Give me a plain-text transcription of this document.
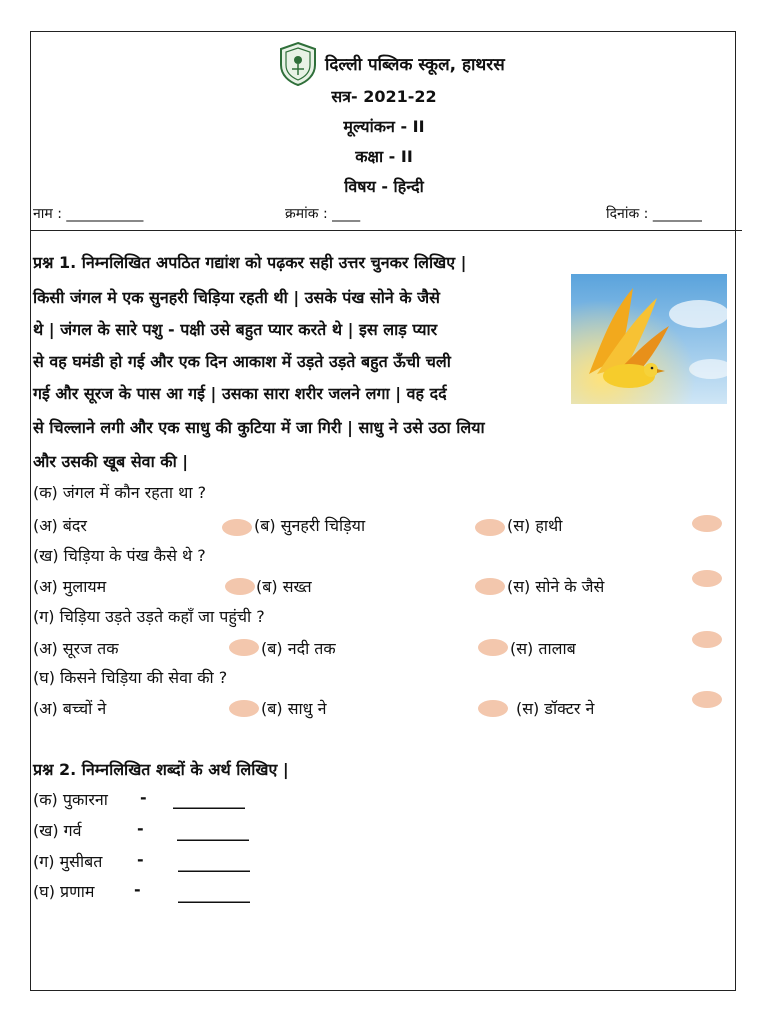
दिल्ली पब्लिक स्कूल, हाथरस
सत्र- 2021-22
मूल्यांकन - II
कक्षा - II
विषय - हिन्दी
नाम : ___________	क्रमांक : ____	दिनांक : _______
प्रश्न 1. निम्नलिखित अपठित गद्यांश को पढ़कर सही उत्तर चुनकर लिखिए |
किसी जंगल मे एक सुनहरी चिड़िया रहती थी | उसके पंख सोने के जैसे
थे | जंगल के सारे पशु - पक्षी उसे बहुत प्यार करते थे | इस लाड़ प्यार
से वह घमंडी हो गई और एक दिन आकाश में उड़ते उड़ते बहुत ऊँची चली
गई और सूरज के पास आ गई | उसका सारा शरीर जलने लगा | वह दर्द
से चिल्लाने लगी और एक साधु की कुटिया में जा गिरी | साधु ने उसे उठा लिया
और उसकी खूब सेवा की |
(क) जंगल में कौन रहता था ?
(अ) बंदर	(ब) सुनहरी चिड़िया	(स) हाथी
(ख) चिड़िया के पंख कैसे थे ?
(अ) मुलायम	(ब) सख्त	(स) सोने के जैसे
(ग) चिड़िया उड़ते उड़ते कहाँ जा पहुंची ?
(अ) सूरज तक	(ब) नदी तक	(स) तालाब
(घ) किसने चिड़िया की सेवा की ?
(अ) बच्चों ने	(ब) साधु ने	(स) डॉक्टर ने
प्रश्न 2. निम्नलिखित शब्दों के अर्थ लिखिए |
(क) पुकारना - _________
(ख) गर्व	- _________
(ग) मुसीबत - _________
(घ) प्रणाम - _________
